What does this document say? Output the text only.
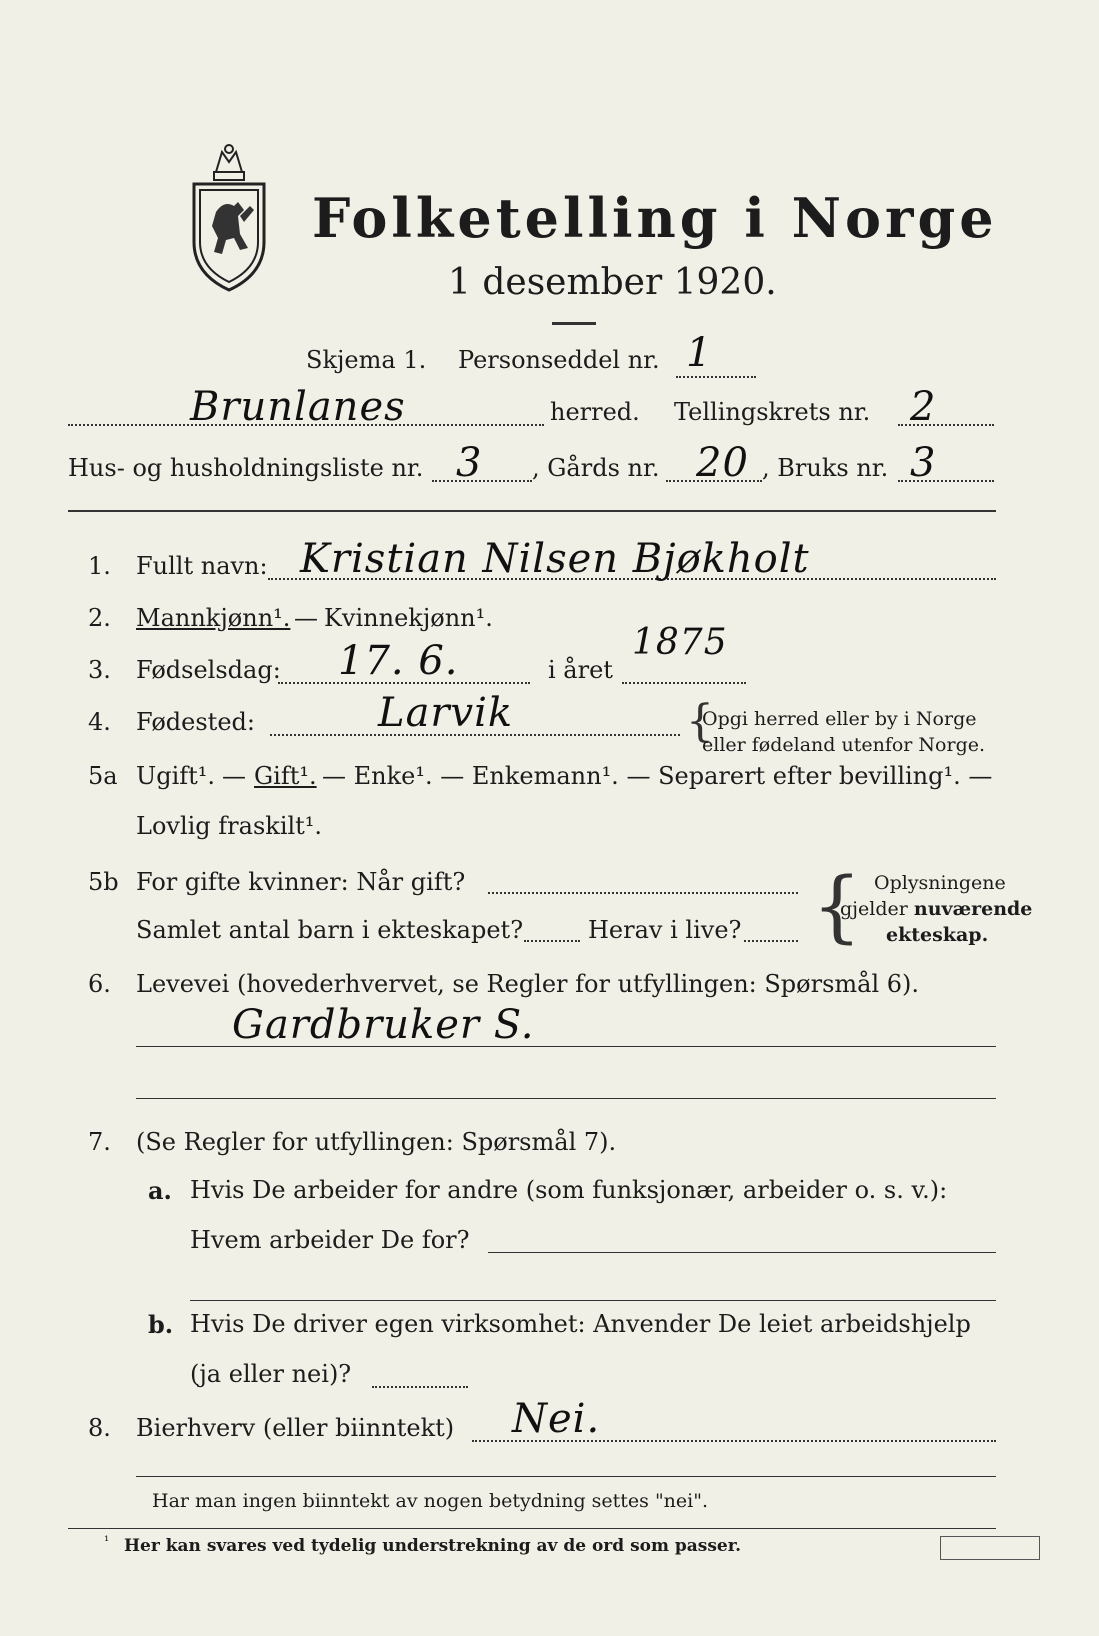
Folketelling i Norge
1 desember 1920.
Skjema 1. Personseddel nr. 1
Brunlanes	herred. Tellingskrets nr. 2
Hus- og husholdningsliste nr. 3 , Gårds nr. 20 , Bruks nr. 3
1. Fullt navn: Kristian Nilsen Bjøkholt
2. Mannkjønn¹. — Kvinnekjønn¹.
3. Fødselsdag: 17. 6.	i året
1875
4. Fødested:	Larvik	{
Opgi herred eller by i Norge
eller fødeland utenfor Norge.
5a Ugift¹. — Gift¹. — Enke¹. — Enkemann¹. — Separert efter bevilling¹. —
Lovlig fraskilt¹.
5b For gifte kvinner: Når gift?
Samlet antal barn i ekteskapet?	Herav i live? { Oplysningene
gjelder nuværende
ekteskap.
6. Levevei (hovederhvervet, se Regler for utfyllingen: Spørsmål 6).
Gardbruker S.
7. (Se Regler for utfyllingen: Spørsmål 7).
a. Hvis De arbeider for andre (som funksjonær, arbeider o. s. v.):
Hvem arbeider De for?
b. Hvis De driver egen virksomhet: Anvender De leiet arbeidshjelp
(ja eller nei)?
8. Bierhverv (eller biinntekt) Nei.
Har man ingen biinntekt av nogen betydning settes "nei".
¹ Her kan svares ved tydelig understrekning av de ord som passer.
